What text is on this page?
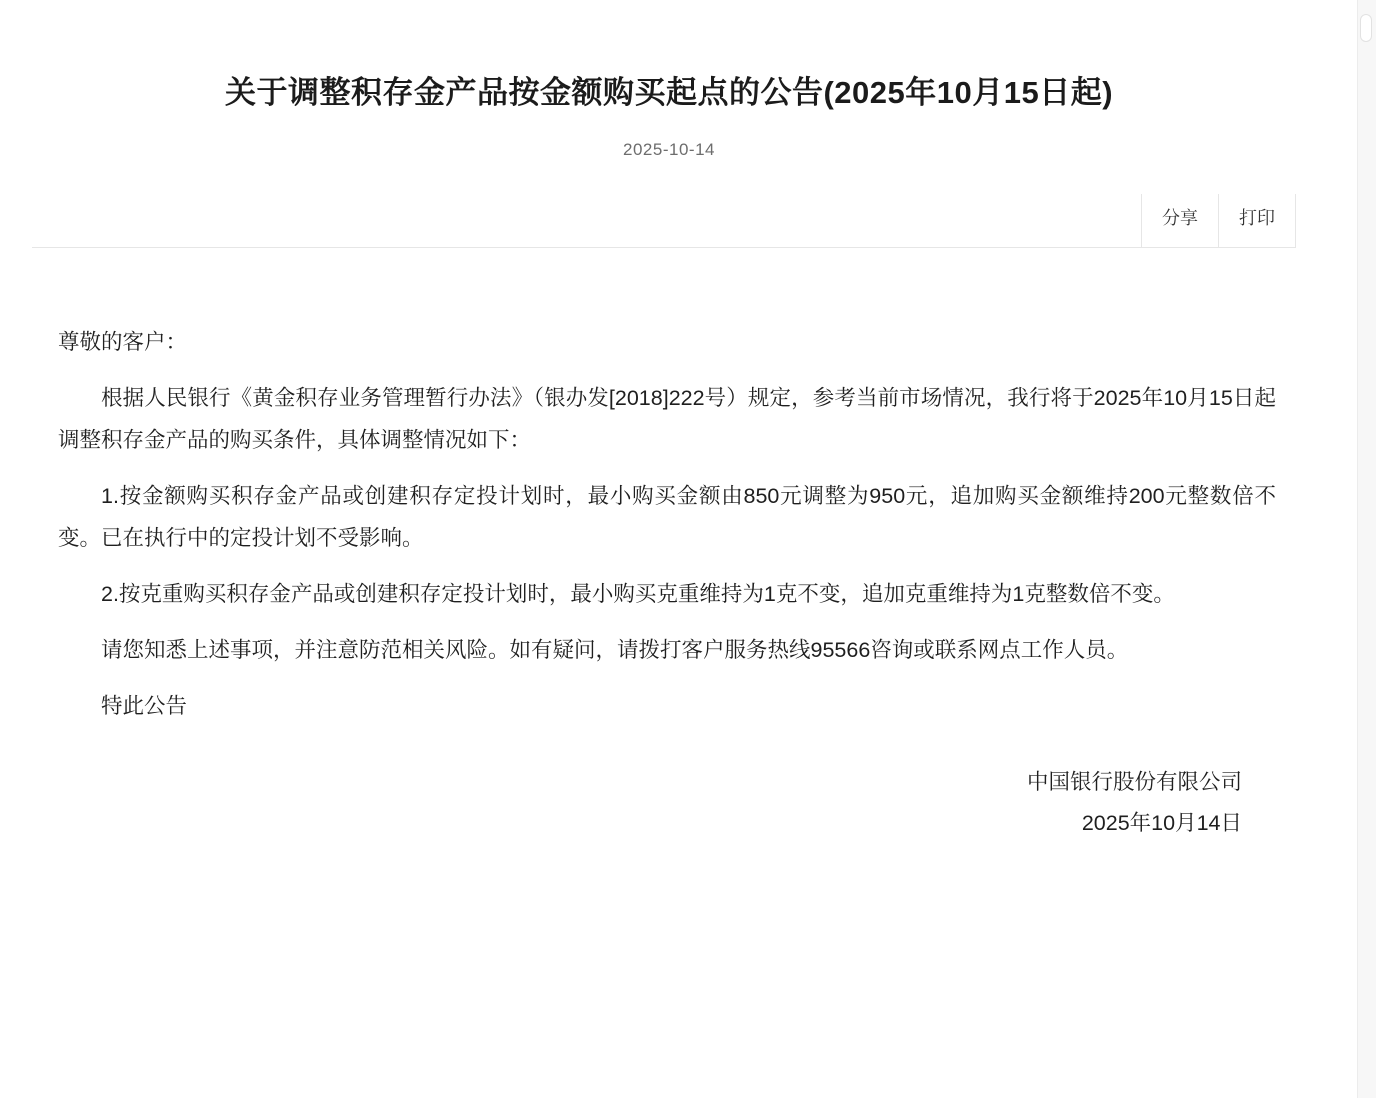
关于调整积存金产品按金额购买起点的公告(2025年10月15日起)
2025-10-14
分享	打印

尊敬的客户：

根据人民银行《黄金积存业务管理暂行办法》（银办发[2018]222号）规定，参考当前市场情况，我行将于2025年10月15日起调整积存金产品的购买条件，具体调整情况如下：

1.按金额购买积存金产品或创建积存定投计划时，最小购买金额由850元调整为950元，追加购买金额维持200元整数倍不变。已在执行中的定投计划不受影响。

2.按克重购买积存金产品或创建积存定投计划时，最小购买克重维持为1克不变，追加克重维持为1克整数倍不变。

请您知悉上述事项，并注意防范相关风险。如有疑问，请拨打客户服务热线95566咨询或联系网点工作人员。

特此公告

中国银行股份有限公司
2025年10月14日
